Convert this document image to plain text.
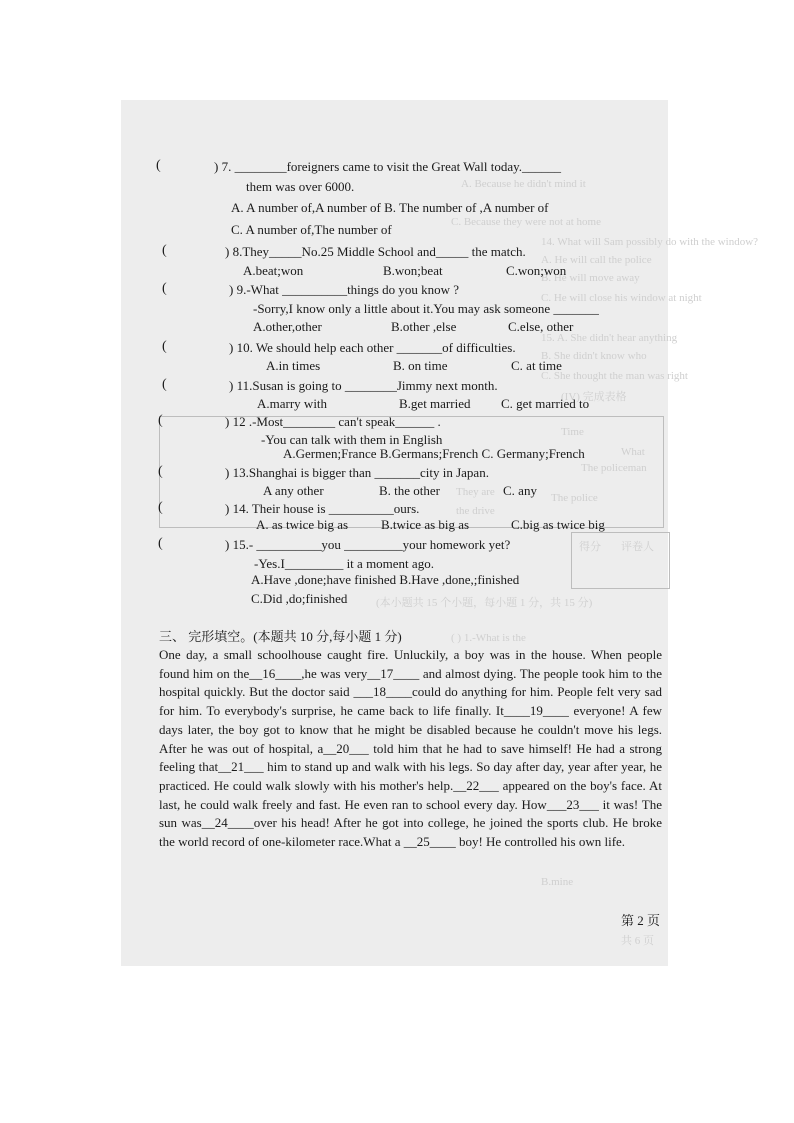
A. Because he didn't mind it
C. Because they were not at home
14. What will Sam possibly do with the window?
A. He will call the police
B. He will move away
C. He will close his window at night
15. A. She didn't hear anything
B. She didn't know who
C. She thought the man was right
(IV) 完成表格
Time
What
The policeman
They are
the drive
The police
得分 评卷人
(本小题共 15 个小题，每小题 1 分，共 15 分)
( ) 1.-What is the
B.mine
共 6 页
(	) 7. ________foreigners came to visit the Great Wall today.______
them was over 6000.
A. A number of,A number of B. The number of ,A number of
C. A number of,The number of
(	) 8.They_____No.25 Middle School and_____ the match.
A.beat;won	B.won;beat	C.won;won
(	) 9.-What __________things do you know ?
-Sorry,I know only a little about it.You may ask someone _______
A.other,other	B.other ,else	C.else, other
(	) 10. We should help each other _______of difficulties.
A.in times	B. on time	C. at time
(	) 11.Susan is going to ________Jimmy next month.
A.marry with	B.get married C. get married to
(	) 12 .-Most________ can't speak______ .
-You can talk with them in English
A.Germen;France B.Germans;French C. Germany;French
(	) 13.Shanghai is bigger than _______city in Japan.
A any other	B. the other	C. any
(	) 14. Their house is __________ours.
A. as twice big as	B.twice as big as	C.big as twice big
(	) 15.- __________you _________your homework yet?
-Yes.I_________ it a moment ago.
A.Have ,done;have finished B.Have ,done,;finished
C.Did ,do;finished
三、 完形填空。(本题共 10 分,每小题 1 分)

One day, a small schoolhouse caught fire. Unluckily, a boy was in the house. When people found him on the__16____,he was very__17____ and almost dying. The people took him to the hospital quickly. But the doctor said ___18____could do anything for him. People felt very sad for him. To everybody's surprise, he came back to life finally. It____19____ everyone! A few days later, the boy got to know that he might be disabled because he couldn't move his legs. After he was out of hospital, a__20___ told him that he had to save himself! He had a strong feeling that__21___ him to stand up and walk with his legs. So day after day, year after year, he practiced. He could walk slowly with his mother's help.__22___ appeared on the boy's face. At last, he could walk freely and fast. He even ran to school every day. How___23___ it was! The sun was__24____over his head! After he got into college, he joined the sports club. He broke the world record of one-kilometer race.What a __25____ boy! He controlled his own life.

第 2 页
